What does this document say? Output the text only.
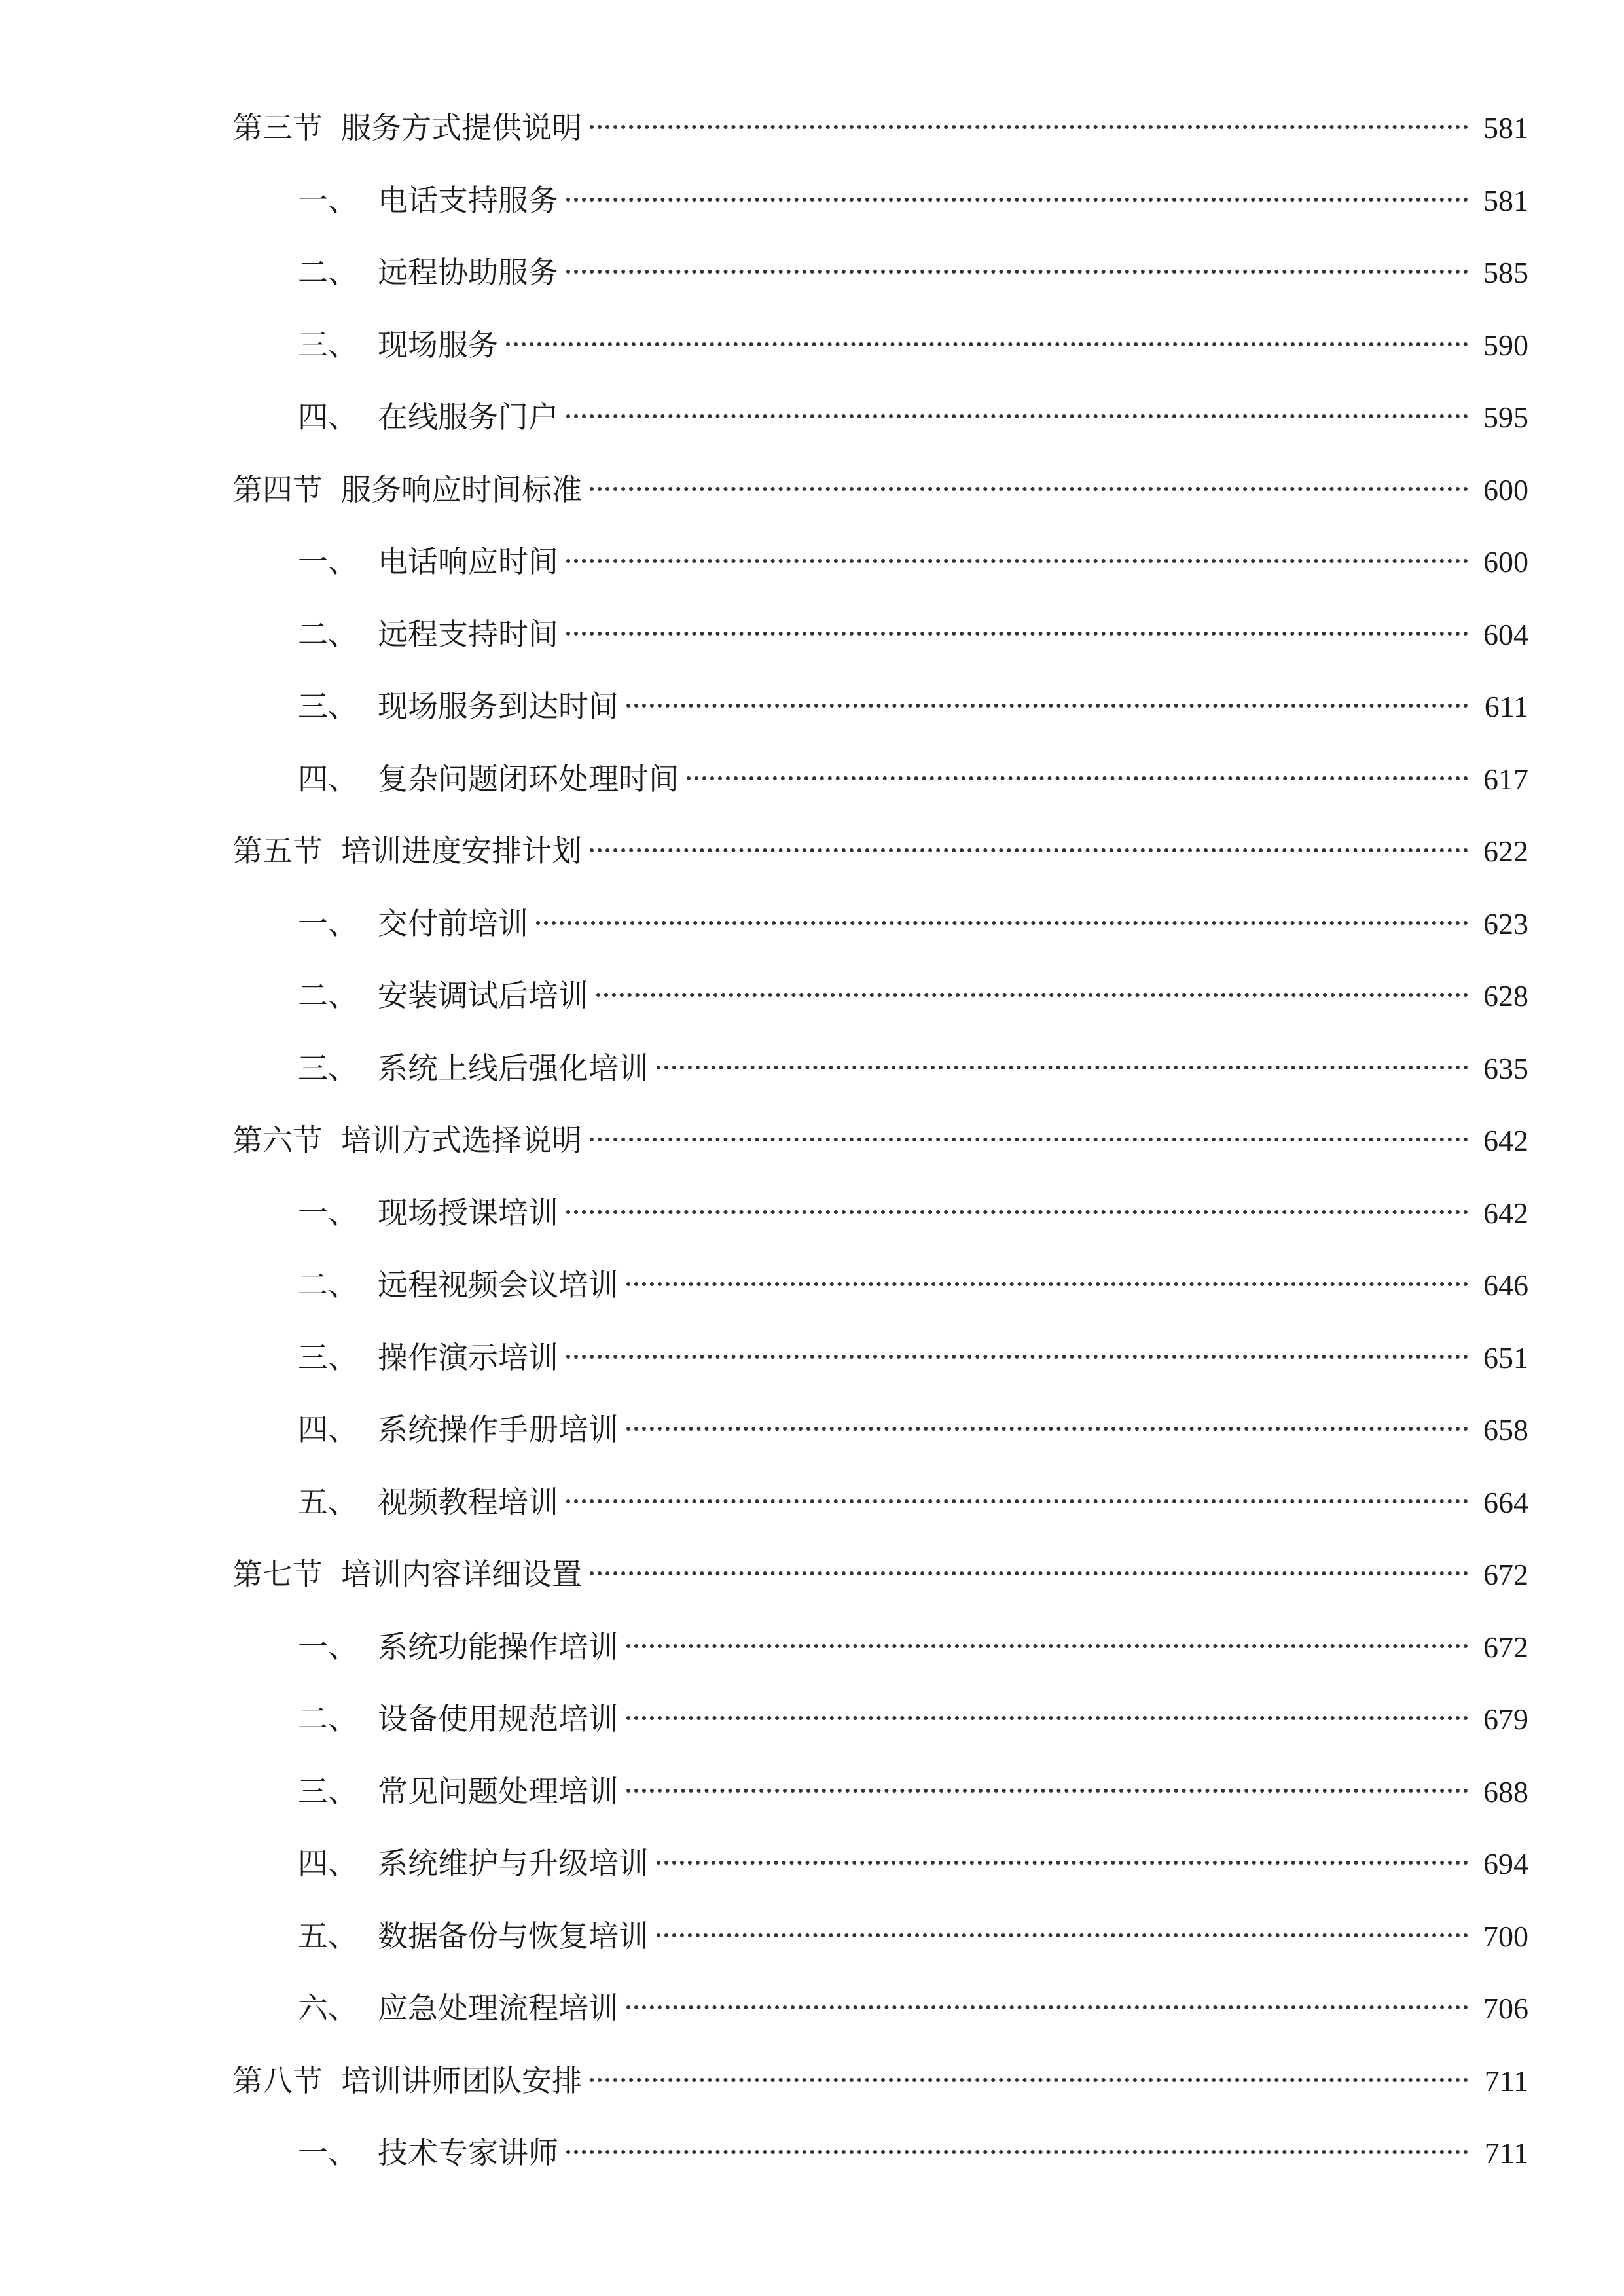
第三节 服务方式提供说明	581
一、 电话支持服务	581
二、 远程协助服务	585
三、 现场服务	590
四、 在线服务门户	595
第四节 服务响应时间标准	600
一、 电话响应时间	600
二、 远程支持时间	604
三、 现场服务到达时间	611
四、 复杂问题闭环处理时间	617
第五节 培训进度安排计划	622
一、 交付前培训	623
二、 安装调试后培训	628
三、 系统上线后强化培训	635
第六节 培训方式选择说明	642
一、 现场授课培训	642
二、 远程视频会议培训	646
三、 操作演示培训	651
四、 系统操作手册培训	658
五、 视频教程培训	664
第七节 培训内容详细设置	672
一、 系统功能操作培训	672
二、 设备使用规范培训	679
三、 常见问题处理培训	688
四、 系统维护与升级培训	694
五、 数据备份与恢复培训	700
六、 应急处理流程培训	706
第八节 培训讲师团队安排	711
一、 技术专家讲师	711
